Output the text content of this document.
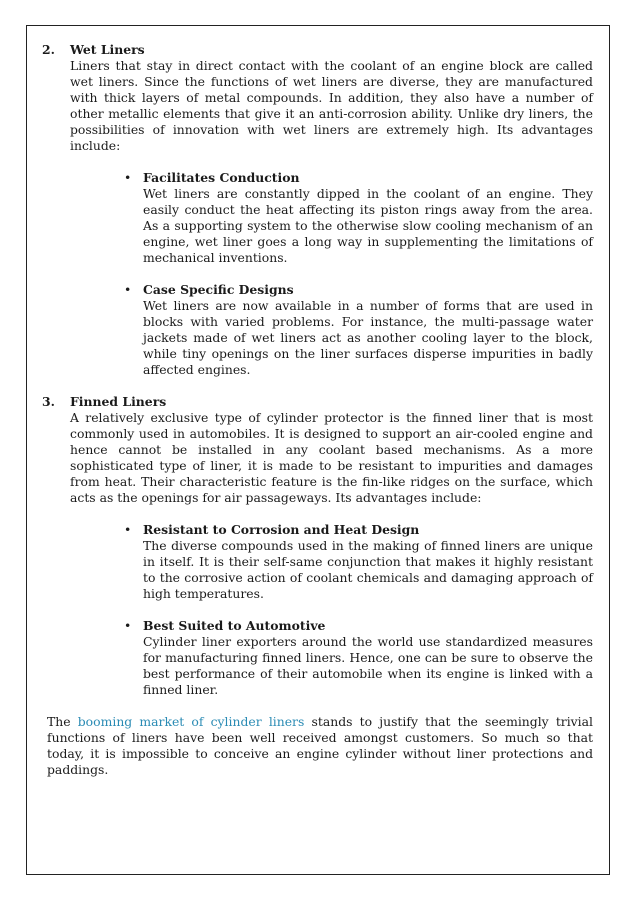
2. Wet Liners
Liners that stay in direct contact with the coolant of an engine block are called wet liners. Since the functions of wet liners are diverse, they are manufactured with thick layers of metal compounds. In addition, they also have a number of other metallic elements that give it an anti-corrosion ability. Unlike dry liners, the possibilities of innovation with wet liners are extremely high. Its advantages include:
• Facilitates Conduction
Wet liners are constantly dipped in the coolant of an engine. They easily conduct the heat affecting its piston rings away from the area. As a supporting system to the otherwise slow cooling mechanism of an engine, wet liner goes a long way in supplementing the limitations of mechanical inventions.
• Case Specific Designs
Wet liners are now available in a number of forms that are used in blocks with varied problems. For instance, the multi-passage water jackets made of wet liners act as another cooling layer to the block, while tiny openings on the liner surfaces disperse impurities in badly affected engines.
3. Finned Liners
A relatively exclusive type of cylinder protector is the finned liner that is most commonly used in automobiles. It is designed to support an air-cooled engine and hence cannot be installed in any coolant based mechanisms. As a more sophisticated type of liner, it is made to be resistant to impurities and damages from heat. Their characteristic feature is the fin-like ridges on the surface, which acts as the openings for air passageways. Its advantages include:
• Resistant to Corrosion and Heat Design
The diverse compounds used in the making of finned liners are unique in itself. It is their self-same conjunction that makes it highly resistant to the corrosive action of coolant chemicals and damaging approach of high temperatures.
• Best Suited to Automotive
Cylinder liner exporters around the world use standardized measures for manufacturing finned liners. Hence, one can be sure to observe the best performance of their automobile when its engine is linked with a finned liner.
The booming market of cylinder liners stands to justify that the seemingly trivial functions of liners have been well received amongst customers. So much so that today, it is impossible to conceive an engine cylinder without liner protections and paddings.
